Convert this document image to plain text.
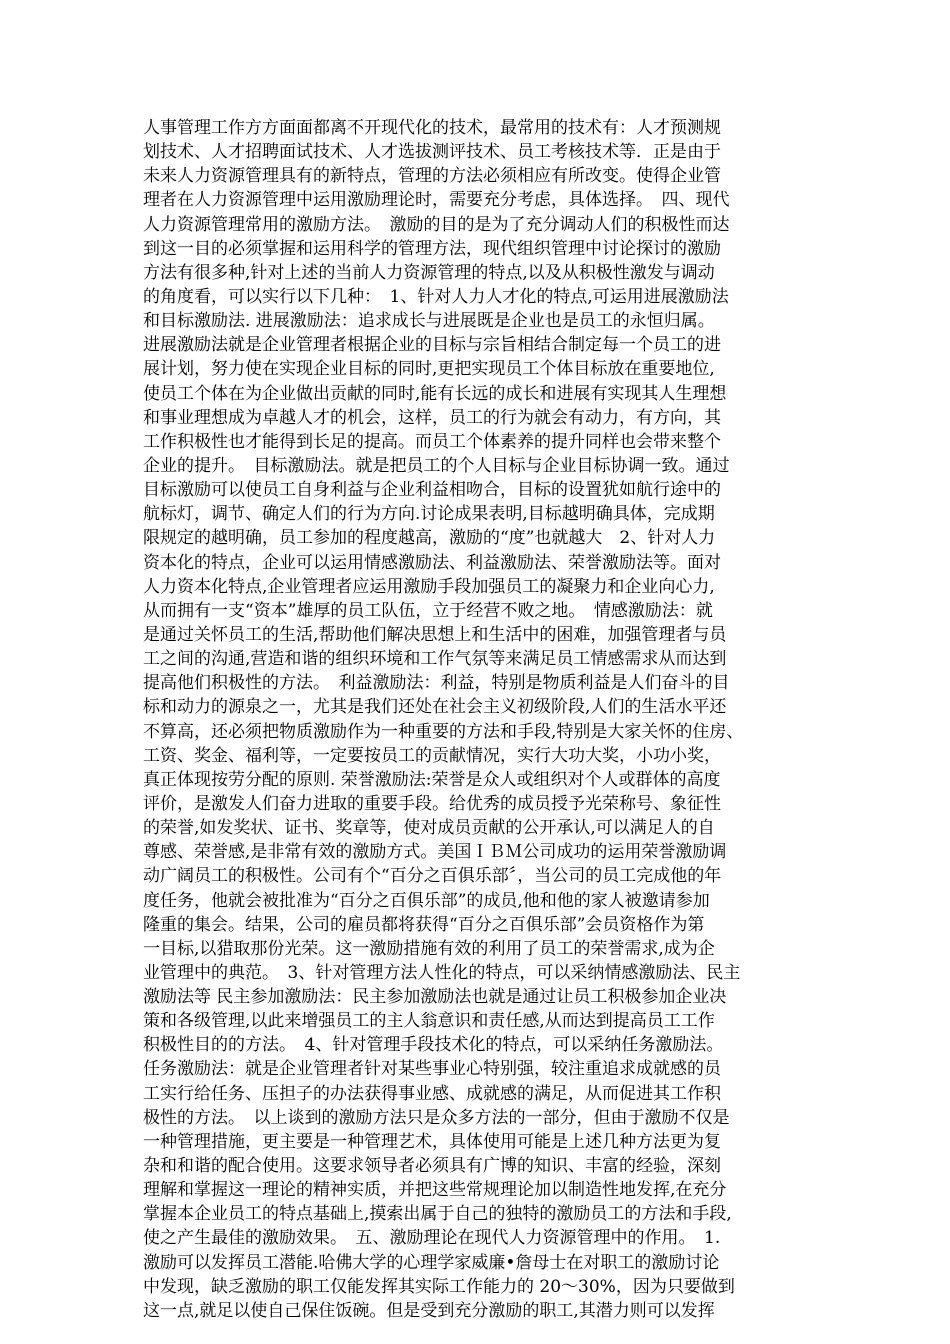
人事管理工作方方面面都离不开现代化的技术，最常用的技术有：人才预测规
划技术、人才招聘面试技术、人才选拔测评技术、员工考核技术等．正是由于
未来人力资源管理具有的新特点，管理的方法必须相应有所改变。使得企业管
理者在人力资源管理中运用激励理论时，需要充分考虑，具体选择。　四、现代
人力资源管理常用的激励方法。　激励的目的是为了充分调动人们的积极性而达
到这一目的必须掌握和运用科学的管理方法，现代组织管理中讨论探讨的激励
方法有很多种,针对上述的当前人力资源管理的特点,以及从积极性激发与调动
的角度看，可以实行以下几种：　1、针对人力人才化的特点,可运用进展激励法
和目标激励法. 进展激励法：追求成长与进展既是企业也是员工的永恒归属。
进展激励法就是企业管理者根据企业的目标与宗旨相结合制定每一个员工的进
展计划，努力使在实现企业目标的同时,更把实现员工个体目标放在重要地位,
使员工个体在为企业做出贡献的同时,能有长远的成长和进展有实现其人生理想
和事业理想成为卓越人才的机会，这样，员工的行为就会有动力，有方向，其
工作积极性也才能得到长足的提高。而员工个体素养的提升同样也会带来整个
企业的提升。　目标激励法。就是把员工的个人目标与企业目标协调一致。通过
目标激励可以使员工自身利益与企业利益相吻合，目标的设置犹如航行途中的
航标灯，调节、确定人们的行为方向.讨论成果表明,目标越明确具体，完成期
限规定的越明确，员工参加的程度越高，激励的“度”也就越大　2、针对人力
资本化的特点，企业可以运用情感激励法、利益激励法、荣誉激励法等。面对
人力资本化特点,企业管理者应运用激励手段加强员工的凝聚力和企业向心力,
从而拥有一支“资本”雄厚的员工队伍，立于经营不败之地。　情感激励法：就
是通过关怀员工的生活,帮助他们解决思想上和生活中的困难，加强管理者与员
工之间的沟通,营造和谐的组织环境和工作气氛等来满足员工情感需求从而达到
提高他们积极性的方法。　利益激励法：利益，特别是物质利益是人们奋斗的目
标和动力的源泉之一，尤其是我们还处在社会主义初级阶段,人们的生活水平还
不算高，还必须把物质激励作为一种重要的方法和手段,特别是大家关怀的住房、
工资、奖金、福利等，一定要按员工的贡献情况，实行大功大奖，小功小奖，
真正体现按劳分配的原则. 荣誉激励法:荣誉是众人或组织对个人或群体的高度
评价，是激发人们奋力进取的重要手段。给优秀的成员授予光荣称号、象征性
的荣誉,如发奖状、证书、奖章等，使对成员贡献的公开承认,可以满足人的自
尊感、荣誉感,是非常有效的激励方式。美国ＩＢＭ公司成功的运用荣誉激励调
动广阔员工的积极性。公司有个“百分之百俱乐部〞，当公司的员工完成他的年
度任务，他就会被批准为“百分之百俱乐部”的成员,他和他的家人被邀请参加
隆重的集会。结果，公司的雇员都将获得“百分之百俱乐部”会员资格作为第
一目标,以猎取那份光荣。这一激励措施有效的利用了员工的荣誉需求,成为企
业管理中的典范。　3、针对管理方法人性化的特点，可以采纳情感激励法、民主
激励法等 民主参加激励法：民主参加激励法也就是通过让员工积极参加企业决
策和各级管理,以此来增强员工的主人翁意识和责任感,从而达到提高员工工作
积极性目的的方法。　4、针对管理手段技术化的特点，可以采纳任务激励法。
任务激励法：就是企业管理者针对某些事业心特别强，较注重追求成就感的员
工实行给任务、压担子的办法获得事业感、成就感的满足，从而促进其工作积
极性的方法。　以上谈到的激励方法只是众多方法的一部分，但由于激励不仅是
一种管理措施，更主要是一种管理艺术，具体使用可能是上述几种方法更为复
杂和和谐的配合使用。这要求领导者必须具有广博的知识、丰富的经验，深刻
理解和掌握这一理论的精神实质，并把这些常规理论加以制造性地发挥,在充分
掌握本企业员工的特点基础上,摸索出属于自己的独特的激励员工的方法和手段,
使之产生最佳的激励效果。　五、激励理论在现代人力资源管理中的作用。　1.
激励可以发挥员工潜能.哈佛大学的心理学家威廉•詹母士在对职工的激励讨论
中发现，缺乏激励的职工仅能发挥其实际工作能力的 20～30%，因为只要做到
这一点,就足以使自己保住饭碗。但是受到充分激励的职工,其潜力则可以发挥
